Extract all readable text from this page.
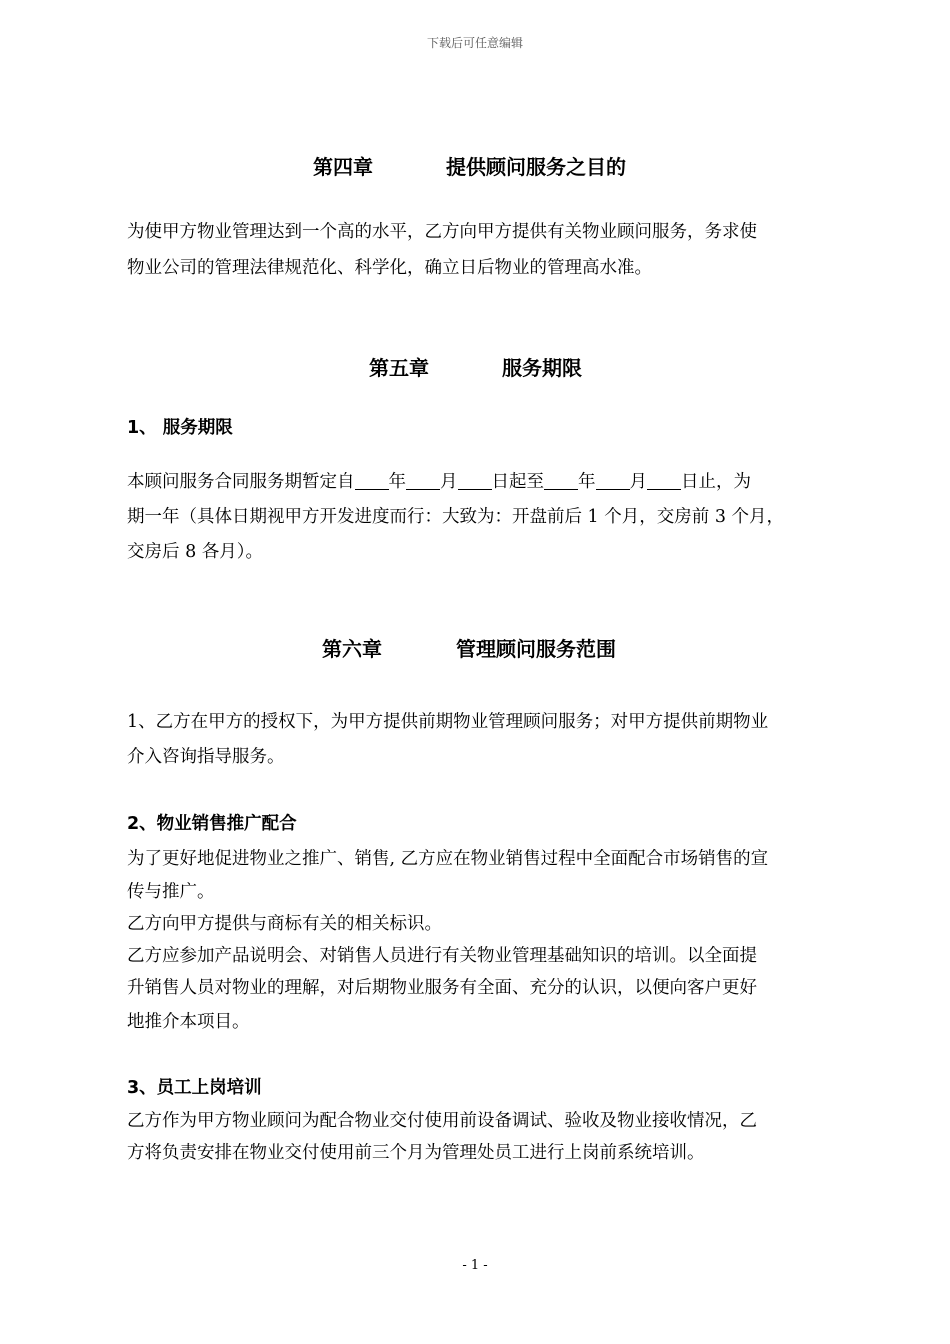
下载后可任意编辑
第四章	提供顾问服务之目的
为使甲方物业管理达到一个高的水平，乙方向甲方提供有关物业顾问服务，务求使
物业公司的管理法律规范化、科学化，确立日后物业的管理高水准。
第五章	服务期限
1、 服务期限
本顾问服务合同服务期暂定自 年 月 日起至 年 月 日止，为
期一年（具体日期视甲方开发进度而行：大致为：开盘前后 1 个月，交房前 3 个月，
交房后 8 各月）。
第六章	管理顾问服务范围
1、乙方在甲方的授权下，为甲方提供前期物业管理顾问服务；对甲方提供前期物业
介入咨询指导服务。
2、物业销售推广配合
为了更好地促进物业之推广、销售, 乙方应在物业销售过程中全面配合市场销售的宣
传与推广。
乙方向甲方提供与商标有关的相关标识。
乙方应参加产品说明会、对销售人员进行有关物业管理基础知识的培训。以全面提
升销售人员对物业的理解，对后期物业服务有全面、充分的认识，以便向客户更好
地推介本项目。
3、员工上岗培训
乙方作为甲方物业顾问为配合物业交付使用前设备调试、验收及物业接收情况，乙
方将负责安排在物业交付使用前三个月为管理处员工进行上岗前系统培训。
- 1 -
